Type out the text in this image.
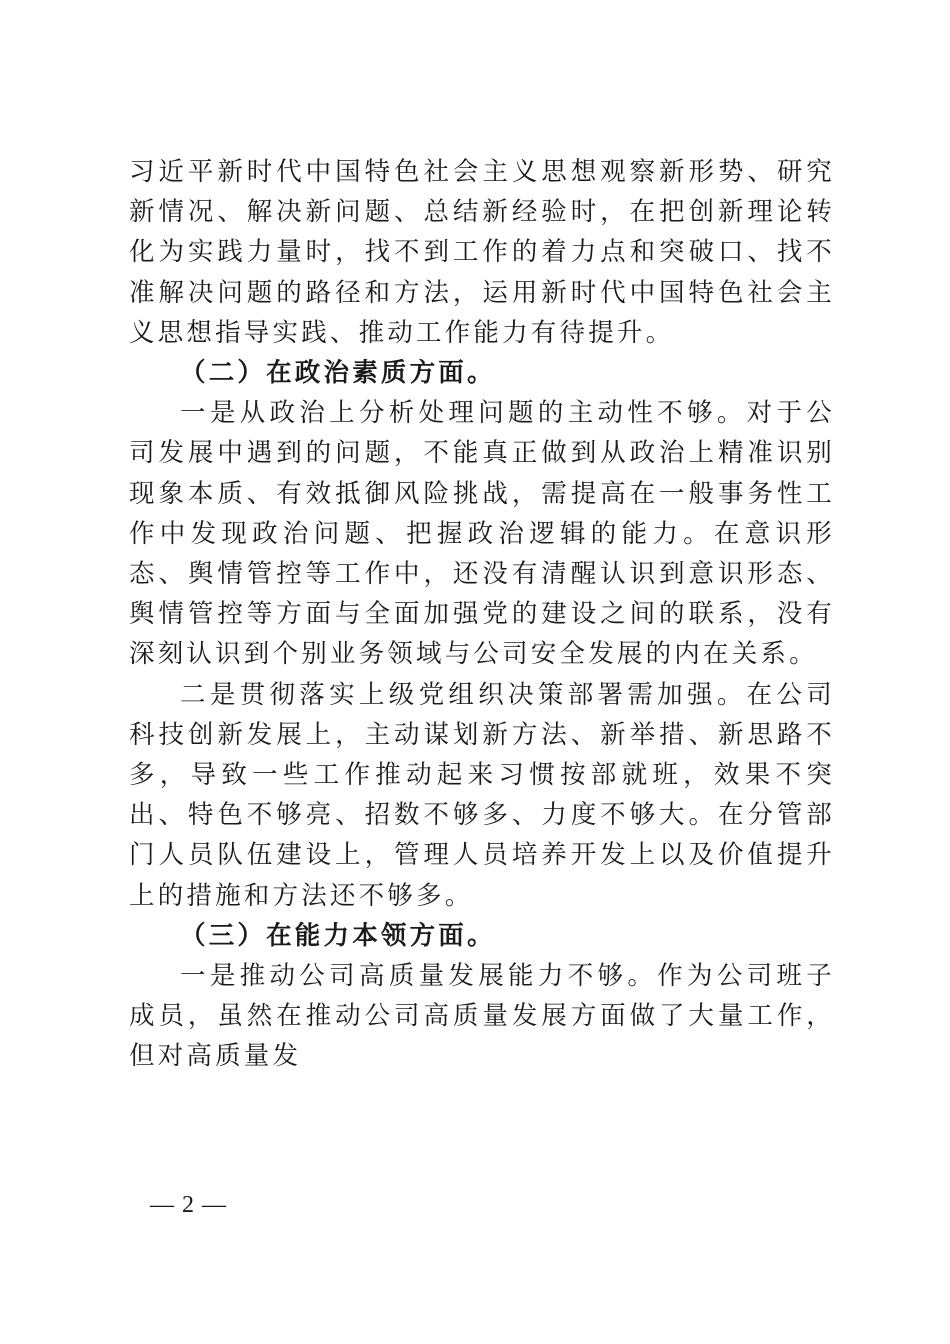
习近平新时代中国特色社会主义思想观察新形势、研究新情况、解决新问题、总结新经验时，在把创新理论转化为实践力量时，找不到工作的着力点和突破口、找不准解决问题的路径和方法，运用新时代中国特色社会主义思想指导实践、推动工作能力有待提升。

（二）在政治素质方面。

一是从政治上分析处理问题的主动性不够。对于公司发展中遇到的问题，不能真正做到从政治上精准识别现象本质、有效抵御风险挑战，需提高在一般事务性工作中发现政治问题、把握政治逻辑的能力。在意识形态、舆情管控等工作中，还没有清醒认识到意识形态、舆情管控等方面与全面加强党的建设之间的联系，没有深刻认识到个别业务领域与公司安全发展的内在关系。

二是贯彻落实上级党组织决策部署需加强。在公司科技创新发展上，主动谋划新方法、新举措、新思路不多，导致一些工作推动起来习惯按部就班，效果不突出、特色不够亮、招数不够多、力度不够大。在分管部门人员队伍建设上，管理人员培养开发上以及价值提升上的措施和方法还不够多。

（三）在能力本领方面。

一是推动公司高质量发展能力不够。作为公司班子成员，虽然在推动公司高质量发展方面做了大量工作，但对高质量发

— 2 —
